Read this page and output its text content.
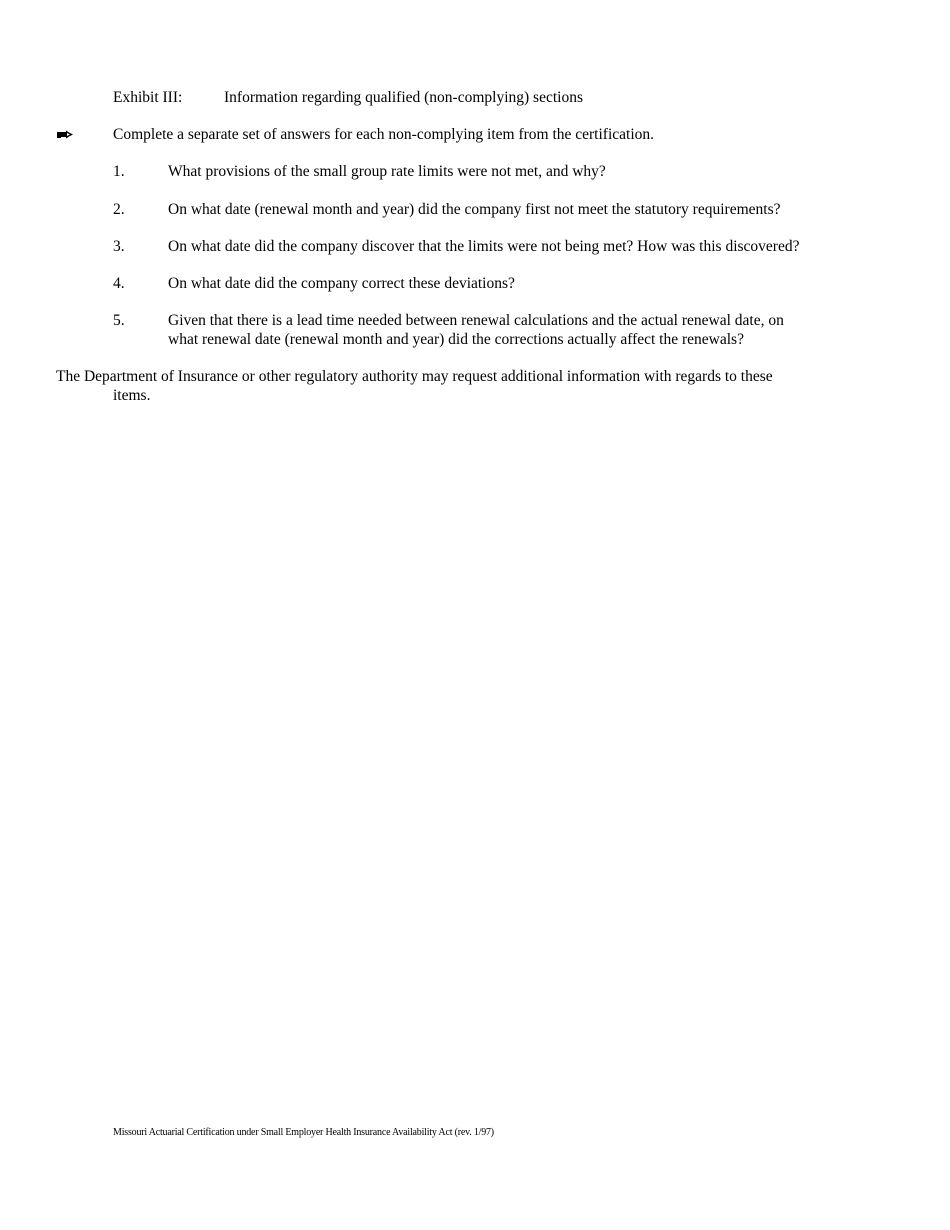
Exhibit III:	Information regarding qualified (non-complying) sections
Complete a separate set of answers for each non-complying item from the certification.
1.	What provisions of the small group rate limits were not met, and why?
2.	On what date (renewal month and year) did the company first not meet the statutory requirements?
3.	On what date did the company discover that the limits were not being met? How was this discovered?
4.	On what date did the company correct these deviations?
5.	Given that there is a lead time needed between renewal calculations and the actual renewal date, on
what renewal date (renewal month and year) did the corrections actually affect the renewals?
The Department of Insurance or other regulatory authority may request additional information with regards to these
items.
Missouri Actuarial Certification under Small Employer Health Insurance Availability Act (rev. 1/97)
